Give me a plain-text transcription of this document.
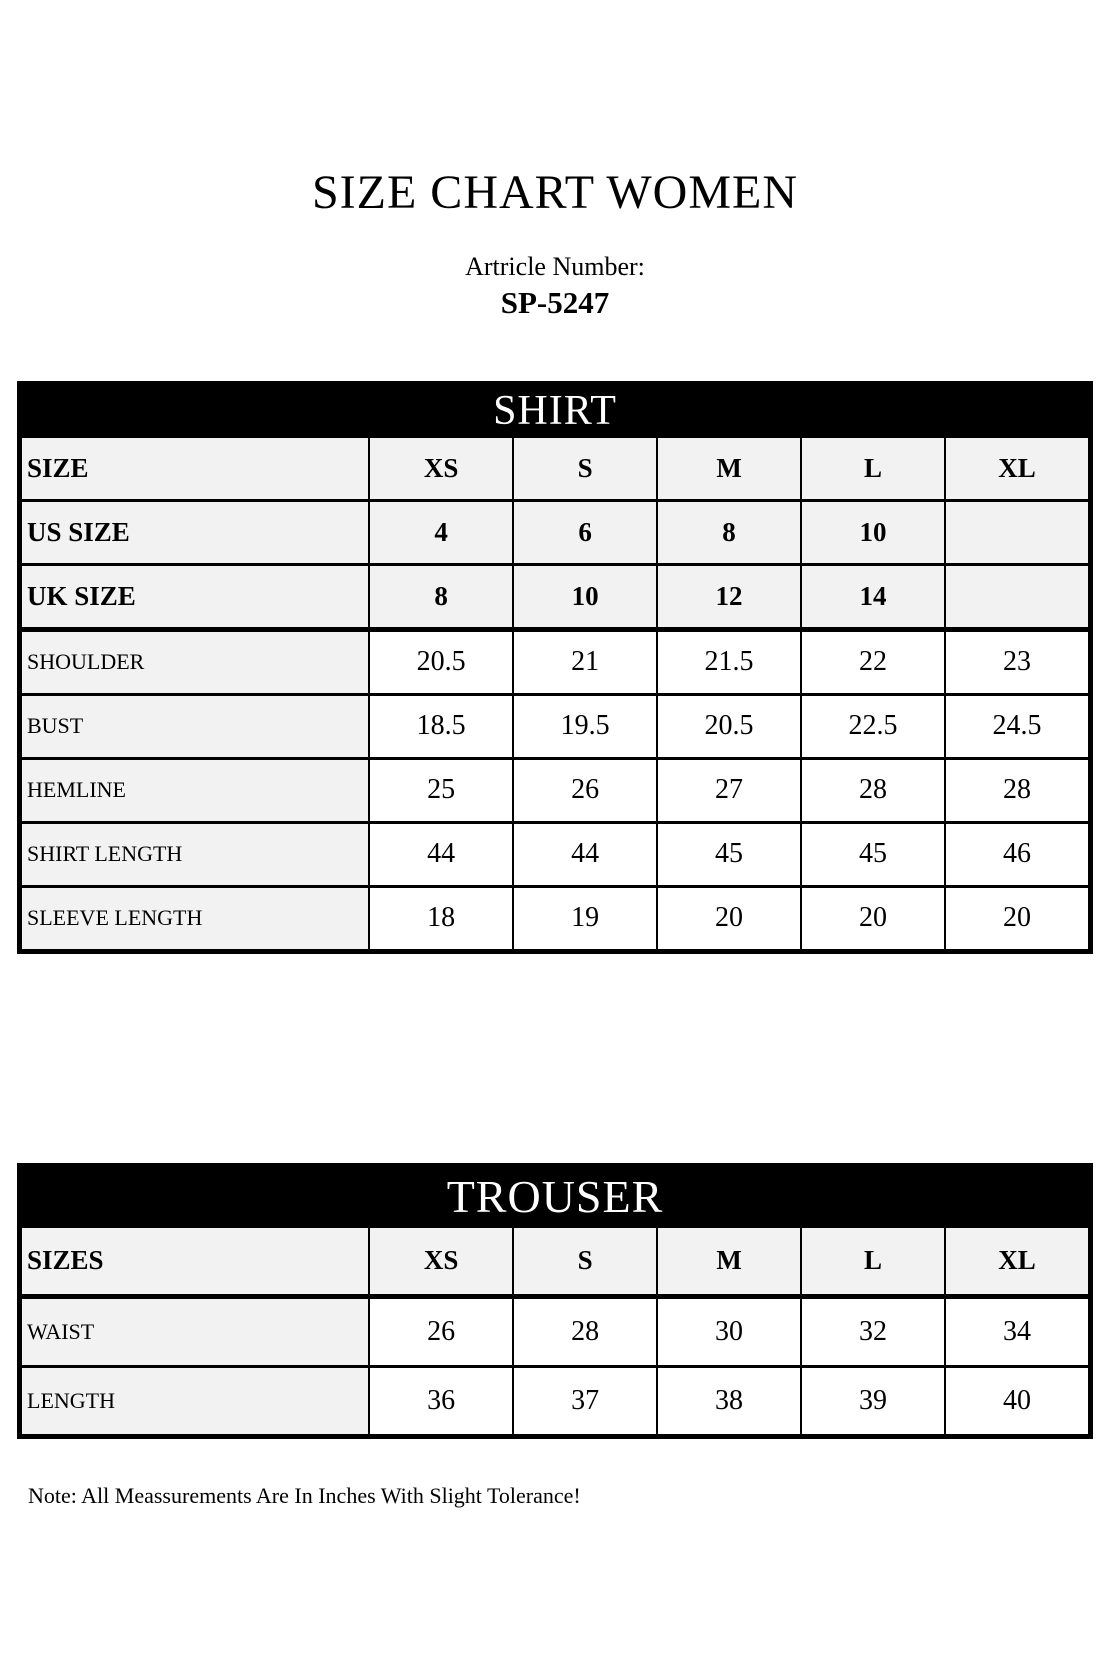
SIZE CHART WOMEN
Artricle Number:
SP-5247
SHIRT
SIZE	XS	S	M	L	XL
US SIZE	4	6	8	10	
UK SIZE	8	10	12	14	
SHOULDER	20.5	21	21.5	22	23
BUST	18.5	19.5	20.5	22.5	24.5
HEMLINE	25	26	27	28	28
SHIRT LENGTH	44	44	45	45	46
SLEEVE LENGTH	18	19	20	20	20
TROUSER
SIZES	XS	S	M	L	XL
WAIST	26	28	30	32	34
LENGTH	36	37	38	39	40
Note: All Meassurements Are In Inches With Slight Tolerance!
